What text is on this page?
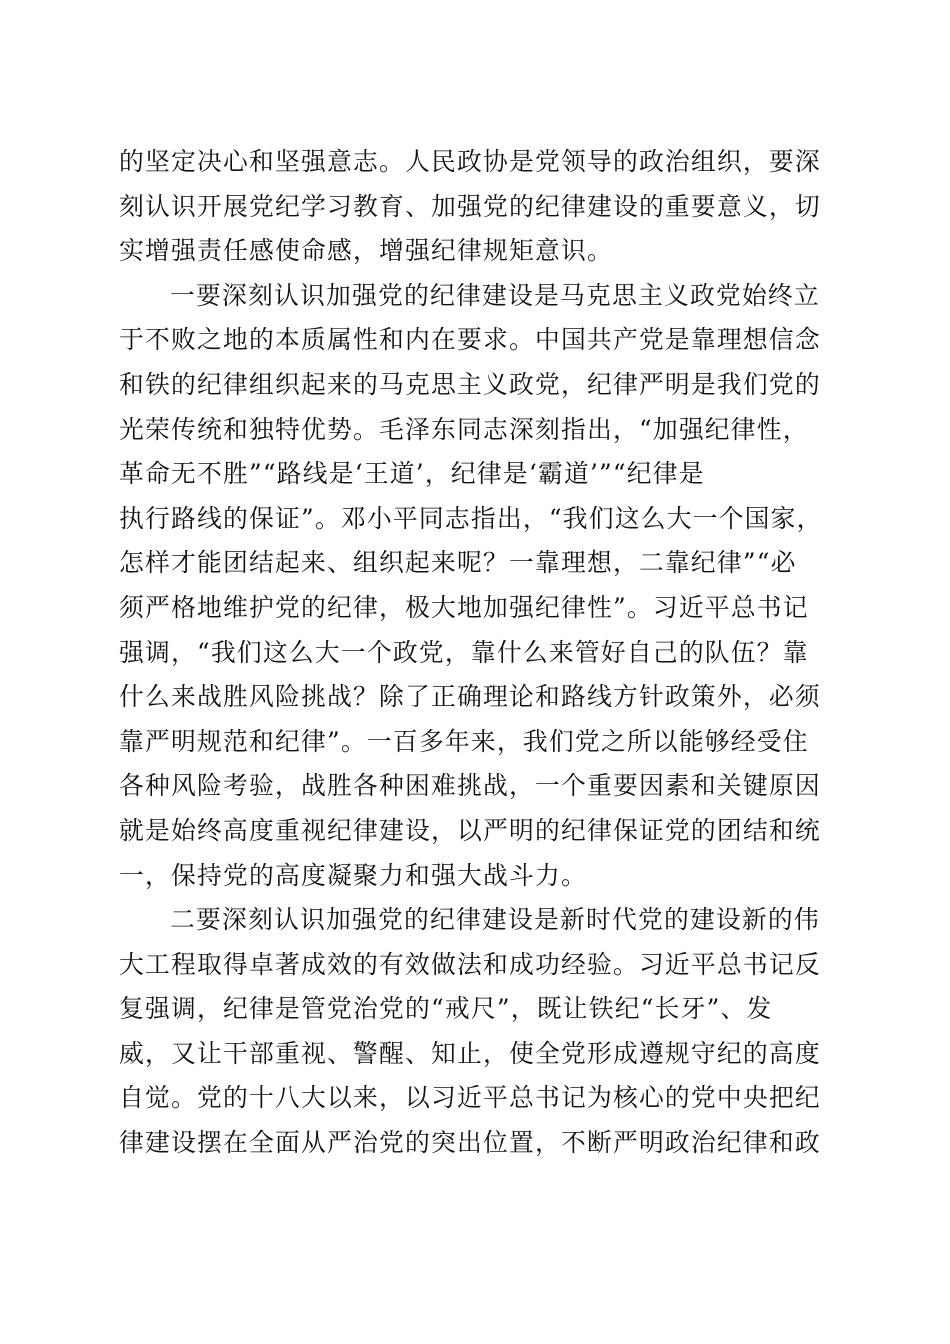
的坚定决心和坚强意志。人民政协是党领导的政治组织，要深
刻认识开展党纪学习教育、加强党的纪律建设的重要意义，切
实增强责任感使命感，增强纪律规矩意识。
一要深刻认识加强党的纪律建设是马克思主义政党始终立
于不败之地的本质属性和内在要求。中国共产党是靠理想信念
和铁的纪律组织起来的马克思主义政党，纪律严明是我们党的
光荣传统和独特优势。毛泽东同志深刻指出，“加强纪律性，
革命无不胜”“路线是‘王道’，纪律是‘霸道’”“纪律是
执行路线的保证”。邓小平同志指出，“我们这么大一个国家，
怎样才能团结起来、组织起来呢？一靠理想，二靠纪律”“必
须严格地维护党的纪律，极大地加强纪律性”。习近平总书记
强调，“我们这么大一个政党，靠什么来管好自己的队伍？靠
什么来战胜风险挑战？除了正确理论和路线方针政策外，必须
靠严明规范和纪律”。一百多年来，我们党之所以能够经受住
各种风险考验，战胜各种困难挑战，一个重要因素和关键原因
就是始终高度重视纪律建设，以严明的纪律保证党的团结和统
一，保持党的高度凝聚力和强大战斗力。
二要深刻认识加强党的纪律建设是新时代党的建设新的伟
大工程取得卓著成效的有效做法和成功经验。习近平总书记反
复强调，纪律是管党治党的“戒尺”，既让铁纪“长牙”、发
威，又让干部重视、警醒、知止，使全党形成遵规守纪的高度
自觉。党的十八大以来，以习近平总书记为核心的党中央把纪
律建设摆在全面从严治党的突出位置，不断严明政治纪律和政
